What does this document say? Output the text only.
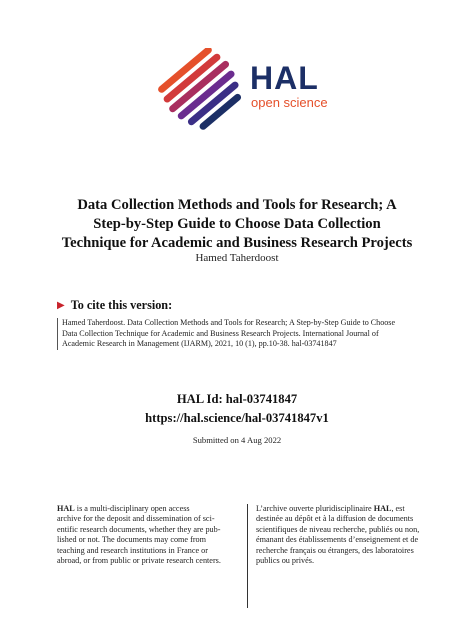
HAL
open science
Data Collection Methods and Tools for Research; A
Step-by-Step Guide to Choose Data Collection
Technique for Academic and Business Research Projects
Hamed Taherdoost
▶ To cite this version:
Hamed Taherdoost. Data Collection Methods and Tools for Research; A Step-by-Step Guide to Choose
Data Collection Technique for Academic and Business Research Projects. International Journal of
Academic Research in Management (IJARM), 2021, 10 (1), pp.10-38. hal-03741847
HAL Id: hal-03741847
https://hal.science/hal-03741847v1
Submitted on 4 Aug 2022
HAL is a multi-disciplinary open access
archive for the deposit and dissemination of sci-
entific research documents, whether they are pub-
lished or not. The documents may come from
teaching and research institutions in France or
abroad, or from public or private research centers.
L’archive ouverte pluridisciplinaire HAL, est
destinée au dépôt et à la diffusion de documents
scientifiques de niveau recherche, publiés ou non,
émanant des établissements d’enseignement et de
recherche français ou étrangers, des laboratoires
publics ou privés.
